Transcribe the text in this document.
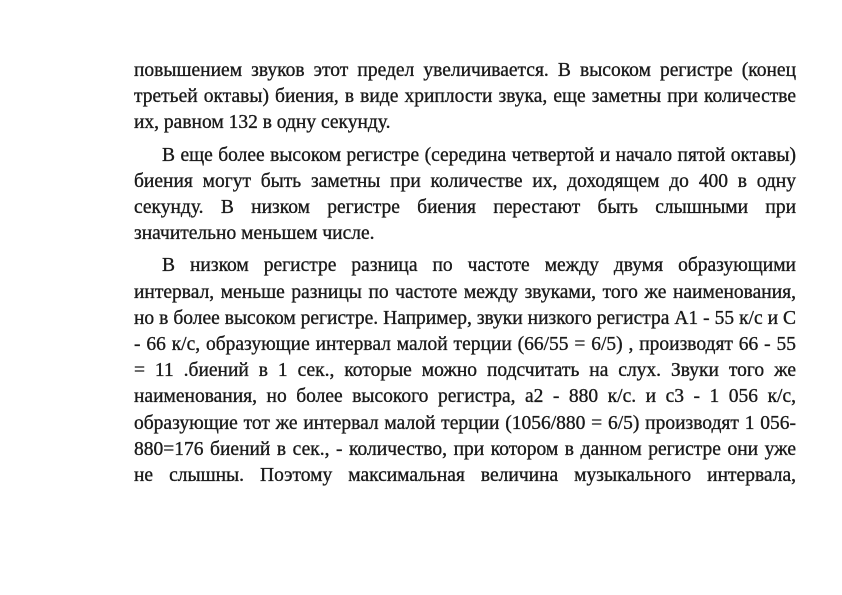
повышением звуков этот предел увеличивается. В высоком регистре (конец третьей октавы) биения, в виде хриплости звука, еще заметны при количестве их, равном 132 в одну секунду.

В еще более высоком регистре (середина четвертой и начало пятой октавы) биения могут быть заметны при количестве их, доходящем до 400 в одну секунду. В низком регистре биения перестают быть слышными при значительно меньшем числе.

В низком регистре разница по частоте между двумя образующими интервал, меньше разницы по частоте между звуками, того же наименования, но в более высоком регистре. Например, звуки низкого регистра А1 - 55 к/с и С - 66 к/с, образующие интервал малой терции (66/55 = 6/5) , производят 66 - 55 = 11 .биений в 1 сек., которые можно подсчитать на слух. Звуки того же наименования, но более высокого регистра, а2 - 880 к/с. и с3 - 1 056 к/с, образующие тот же интервал малой терции (1056/880 = 6/5) производят 1 056-880=176 биений в сек., - количество, при котором в данном регистре они уже не слышны. Поэтому максимальная величина музыкального интервала,
